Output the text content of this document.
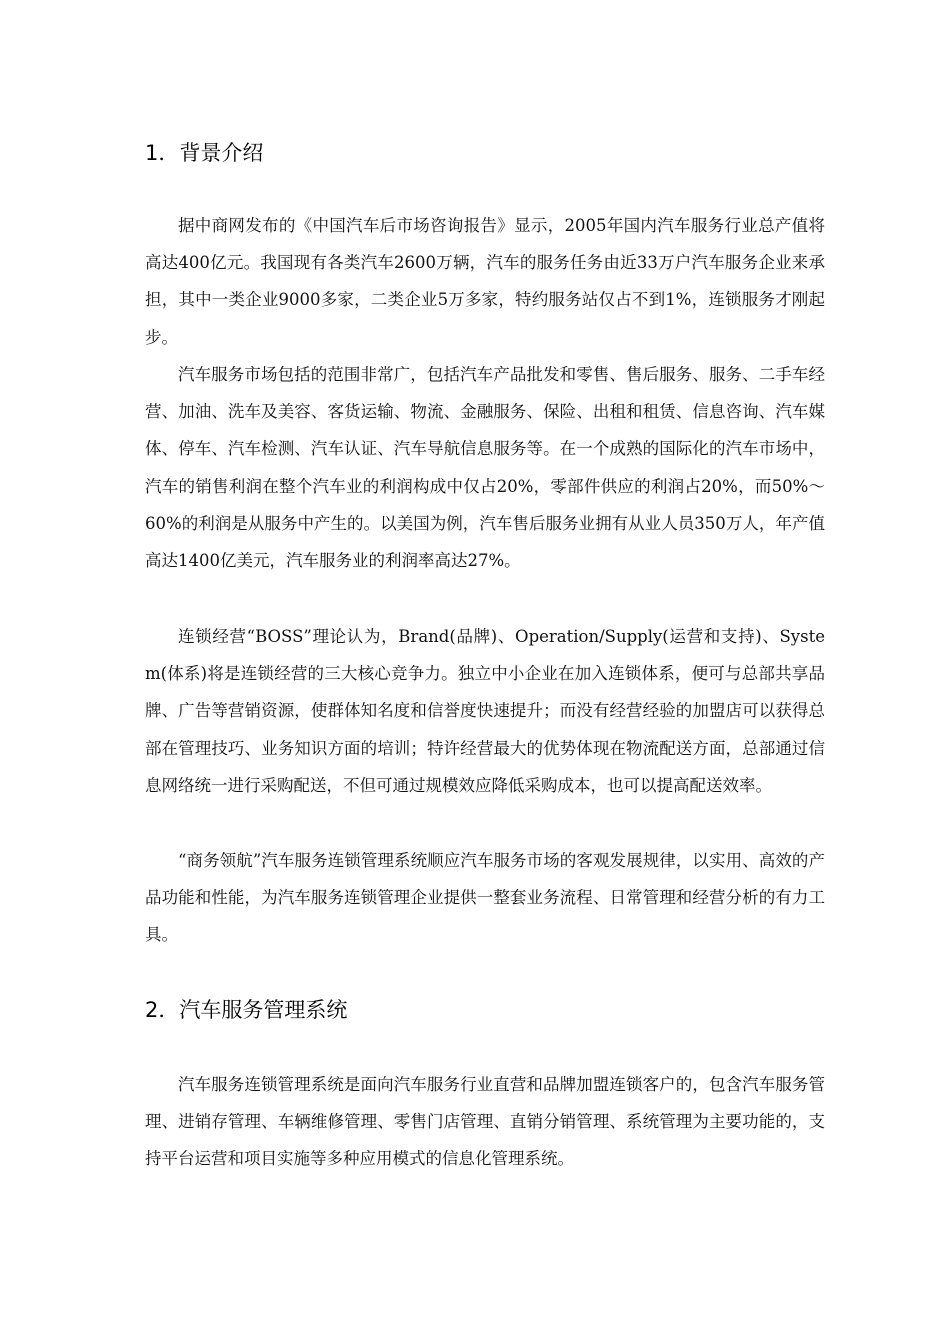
1．背景介绍

据中商网发布的《中国汽车后市场咨询报告》显示，2005年国内汽车服务行业总产值将高达400亿元。我国现有各类汽车2600万辆，汽车的服务任务由近33万户汽车服务企业来承担，其中一类企业9000多家，二类企业5万多家，特约服务站仅占不到1%，连锁服务才刚起步。

汽车服务市场包括的范围非常广，包括汽车产品批发和零售、售后服务、服务、二手车经营、加油、洗车及美容、客货运输、物流、金融服务、保险、出租和租赁、信息咨询、汽车媒体、停车、汽车检测、汽车认证、汽车导航信息服务等。在一个成熟的国际化的汽车市场中，汽车的销售利润在整个汽车业的利润构成中仅占20%，零部件供应的利润占20%，而50%～60%的利润是从服务中产生的。以美国为例，汽车售后服务业拥有从业人员350万人，年产值高达1400亿美元，汽车服务业的利润率高达27%。

连锁经营“BOSS”理论认为，Brand(品牌)、Operation/Supply(运营和支持)、System(体系)将是连锁经营的三大核心竞争力。独立中小企业在加入连锁体系，便可与总部共享品牌、广告等营销资源，使群体知名度和信誉度快速提升；而没有经营经验的加盟店可以获得总部在管理技巧、业务知识方面的培训；特许经营最大的优势体现在物流配送方面，总部通过信息网络统一进行采购配送，不但可通过规模效应降低采购成本，也可以提高配送效率。

“商务领航”汽车服务连锁管理系统顺应汽车服务市场的客观发展规律，以实用、高效的产品功能和性能，为汽车服务连锁管理企业提供一整套业务流程、日常管理和经营分析的有力工具。

2．汽车服务管理系统

汽车服务连锁管理系统是面向汽车服务行业直营和品牌加盟连锁客户的，包含汽车服务管理、进销存管理、车辆维修管理、零售门店管理、直销分销管理、系统管理为主要功能的，支持平台运营和项目实施等多种应用模式的信息化管理系统。
